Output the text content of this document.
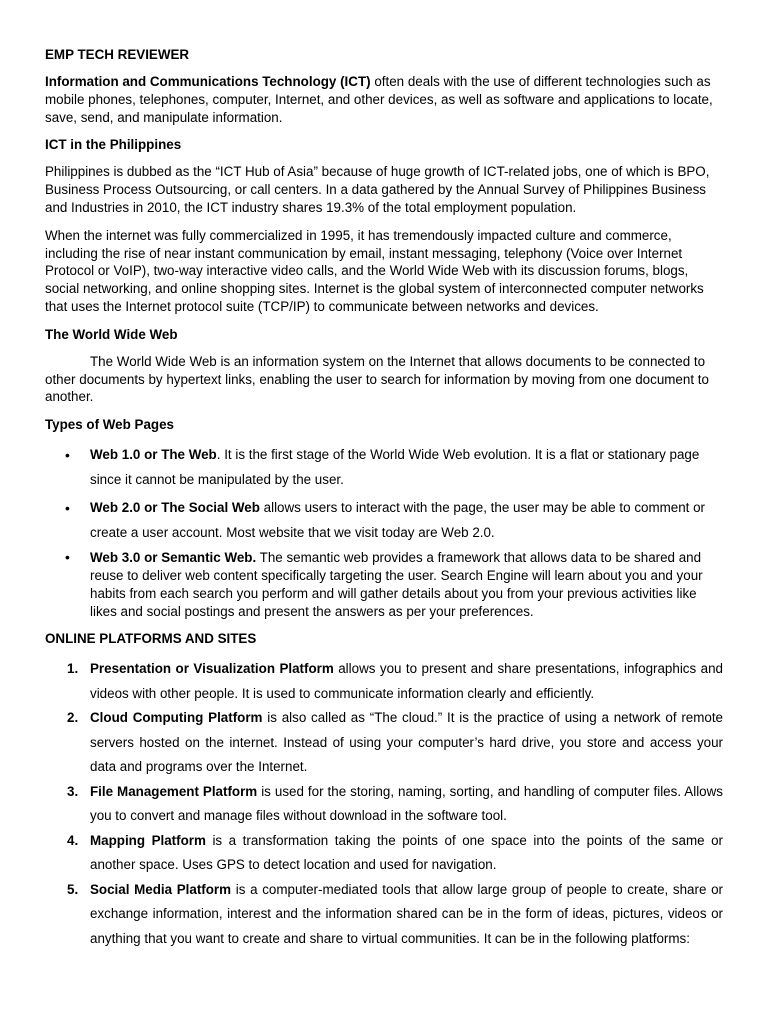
EMP TECH REVIEWER

Information and Communications Technology (ICT) often deals with the use of different technologies such as mobile phones, telephones, computer, Internet, and other devices, as well as software and applications to locate, save, send, and manipulate information.

ICT in the Philippines

Philippines is dubbed as the “ICT Hub of Asia” because of huge growth of ICT-related jobs, one of which is BPO, Business Process Outsourcing, or call centers. In a data gathered by the Annual Survey of Philippines Business and Industries in 2010, the ICT industry shares 19.3% of the total employment population.

When the internet was fully commercialized in 1995, it has tremendously impacted culture and commerce, including the rise of near instant communication by email, instant messaging, telephony (Voice over Internet Protocol or VoIP), two-way interactive video calls, and the World Wide Web with its discussion forums, blogs, social networking, and online shopping sites. Internet is the global system of interconnected computer networks that uses the Internet protocol suite (TCP/IP) to communicate between networks and devices.

The World Wide Web

The World Wide Web is an information system on the Internet that allows documents to be connected to other documents by hypertext links, enabling the user to search for information by moving from one document to another.

Types of Web Pages
• Web 1.0 or The Web. It is the first stage of the World Wide Web evolution. It is a flat or stationary page since it cannot be manipulated by the user.
• Web 2.0 or The Social Web allows users to interact with the page, the user may be able to comment or create a user account. Most website that we visit today are Web 2.0.
• Web 3.0 or Semantic Web. The semantic web provides a framework that allows data to be shared and reuse to deliver web content specifically targeting the user. Search Engine will learn about you and your habits from each search you perform and will gather details about you from your previous activities like likes and social postings and present the answers as per your preferences.
ONLINE PLATFORMS AND SITES
1. Presentation or Visualization Platform allows you to present and share presentations, infographics and videos with other people. It is used to communicate information clearly and efficiently.
2. Cloud Computing Platform is also called as “The cloud.” It is the practice of using a network of remote servers hosted on the internet. Instead of using your computer’s hard drive, you store and access your data and programs over the Internet.
3. File Management Platform is used for the storing, naming, sorting, and handling of computer files. Allows you to convert and manage files without download in the software tool.
4. Mapping Platform is a transformation taking the points of one space into the points of the same or another space. Uses GPS to detect location and used for navigation.
5. Social Media Platform is a computer-mediated tools that allow large group of people to create, share or exchange information, interest and the information shared can be in the form of ideas, pictures, videos or anything that you want to create and share to virtual communities. It can be in the following platforms:
